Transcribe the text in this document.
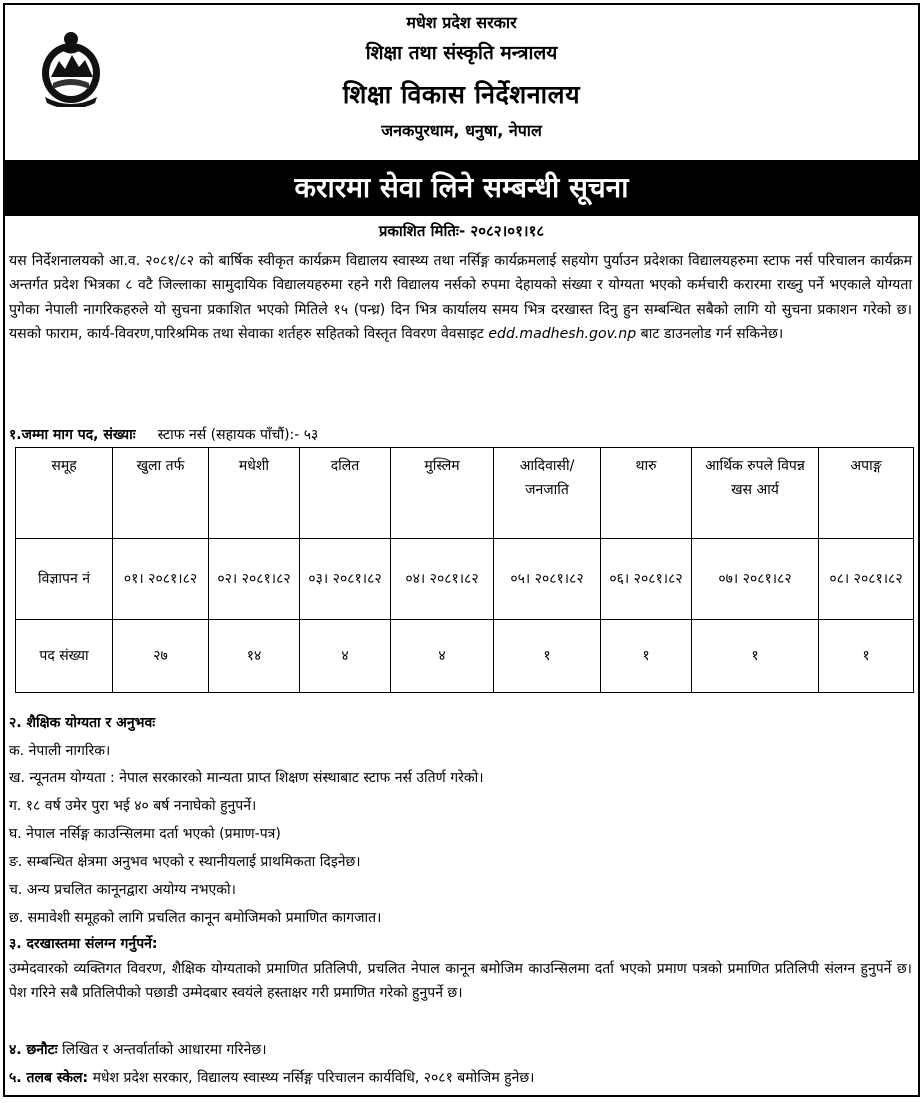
मधेश प्रदेश सरकार
शिक्षा तथा संस्कृति मन्त्रालय
शिक्षा विकास निर्देशनालय
जनकपुरधाम, धनुषा, नेपाल
करारमा सेवा लिने सम्बन्धी सूचना
प्रकाशित मितिः- २०८२।०१।१८
यस निर्देशनालयको आ.व. २०८१/८२ को बार्षिक स्वीकृत कार्यक्रम विद्यालय स्वास्थ्य तथा नर्सिङ्ग कार्यक्रमलाई सहयोग पुर्याउन प्रदेशका विद्यालयहरुमा स्टाफ नर्स परिचालन कार्यक्रम अन्तर्गत प्रदेश भित्रका ८ वटै जिल्लाका सामुदायिक विद्यालयहरुमा रहने गरी विद्यालय नर्सको रुपमा देहायको संख्या र योग्यता भएको कर्मचारी करारमा राख्नु पर्ने भएकाले योग्यता पुगेका नेपाली नागरिकहरुले यो सुचना प्रकाशित भएको मितिले १५ (पन्ध्र) दिन भित्र कार्यालय समय भित्र दरखास्त दिनु हुन सम्बन्धित सबैको लागि यो सुचना प्रकाशन गरेको छ। यसको फाराम, कार्य-विवरण,पारिश्रमिक तथा सेवाका शर्तहरु सहितको विस्तृत विवरण वेवसाइट edd.madhesh.gov.np बाट डाउनलोड गर्न सकिनेछ।
१.जम्मा माग पद, संख्याः स्टाफ नर्स (सहायक पाँचौं):- ५३
समूह	खुला तर्फ	मधेशी	दलित	मुस्लिम	आदिवासी/ जनजाति	थारु	आर्थिक रुपले विपन्न खस आर्य	अपाङ्ग
विज्ञापन नं	०१। २०८१।८२	०२। २०८१।८२	०३। २०८१।८२	०४। २०८१।८२	०५। २०८१।८२	०६। २०८१।८२	०७। २०८१।८२	०८। २०८१।८२
पद संख्या	२७	१४	४	४	१	१	१	१
२. शैक्षिक योग्यता र अनुभवः
क. नेपाली नागरिक।
ख. न्यूनतम योग्यता : नेपाल सरकारको मान्यता प्राप्त शिक्षण संस्थाबाट स्टाफ नर्स उतिर्ण गरेको।
ग. १८ वर्ष उमेर पुरा भई ४० बर्ष ननाघेको हुनुपर्ने।
घ. नेपाल नर्सिङ्ग काउन्सिलमा दर्ता भएको (प्रमाण-पत्र)
ङ. सम्बन्धित क्षेत्रमा अनुभव भएको र स्थानीयलाई प्राथमिकता दिइनेछ।
च. अन्य प्रचलित कानूनद्वारा अयोग्य नभएको।
छ. समावेशी समूहको लागि प्रचलित कानून बमोजिमको प्रमाणित कागजात।
३. दरखास्तमा संलग्न गर्नुपर्ने:
उम्मेदवारको व्यक्तिगत विवरण, शैक्षिक योग्यताको प्रमाणित प्रतिलिपी, प्रचलित नेपाल कानून बमोजिम काउन्सिलमा दर्ता भएको प्रमाण पत्रको प्रमाणित प्रतिलिपी संलग्न हुनुपर्ने छ। पेश गरिने सबै प्रतिलिपीको पछाडी उम्मेदबार स्वयंले हस्ताक्षर गरी प्रमाणित गरेको हुनुपर्ने छ।
४. छनौटः लिखित र अन्तर्वार्ताको आधारमा गरिनेछ।
५. तलब स्केल: मधेश प्रदेश सरकार, विद्यालय स्वास्थ्य नर्सिङ्ग परिचालन कार्यविधि, २०८१ बमोजिम हुनेछ।
